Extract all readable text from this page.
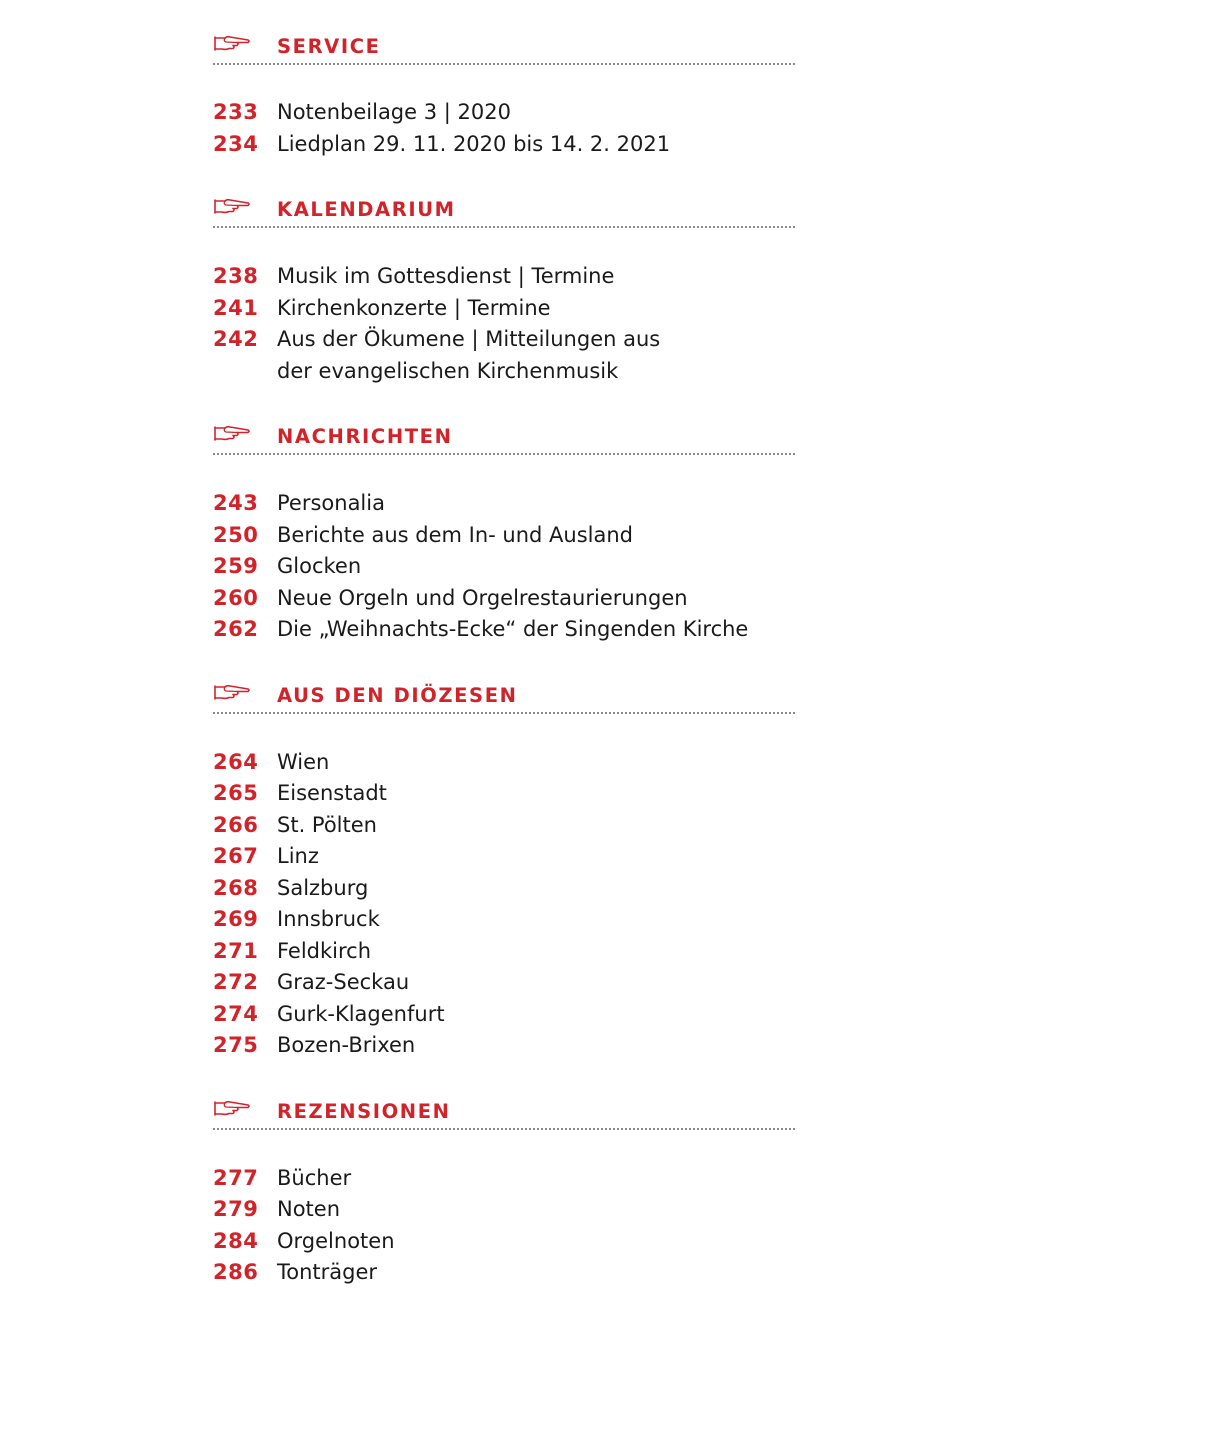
SERVICE
233 Notenbeilage 3 | 2020
234 Liedplan 29. 11. 2020 bis 14. 2. 2021
KALENDARIUM
238 Musik im Gottesdienst | Termine
241 Kirchenkonzerte | Termine
242 Aus der Ökumene | Mitteilungen aus der evangelischen Kirchenmusik
NACHRICHTEN
243 Personalia
250 Berichte aus dem In- und Ausland
259 Glocken
260 Neue Orgeln und Orgelrestaurierungen
262 Die „Weihnachts-Ecke“ der Singenden Kirche
AUS DEN DIÖZESEN
264 Wien
265 Eisenstadt
266 St. Pölten
267 Linz
268 Salzburg
269 Innsbruck
271 Feldkirch
272 Graz-Seckau
274 Gurk-Klagenfurt
275 Bozen-Brixen
REZENSIONEN
277 Bücher
279 Noten
284 Orgelnoten
286 Tonträger
